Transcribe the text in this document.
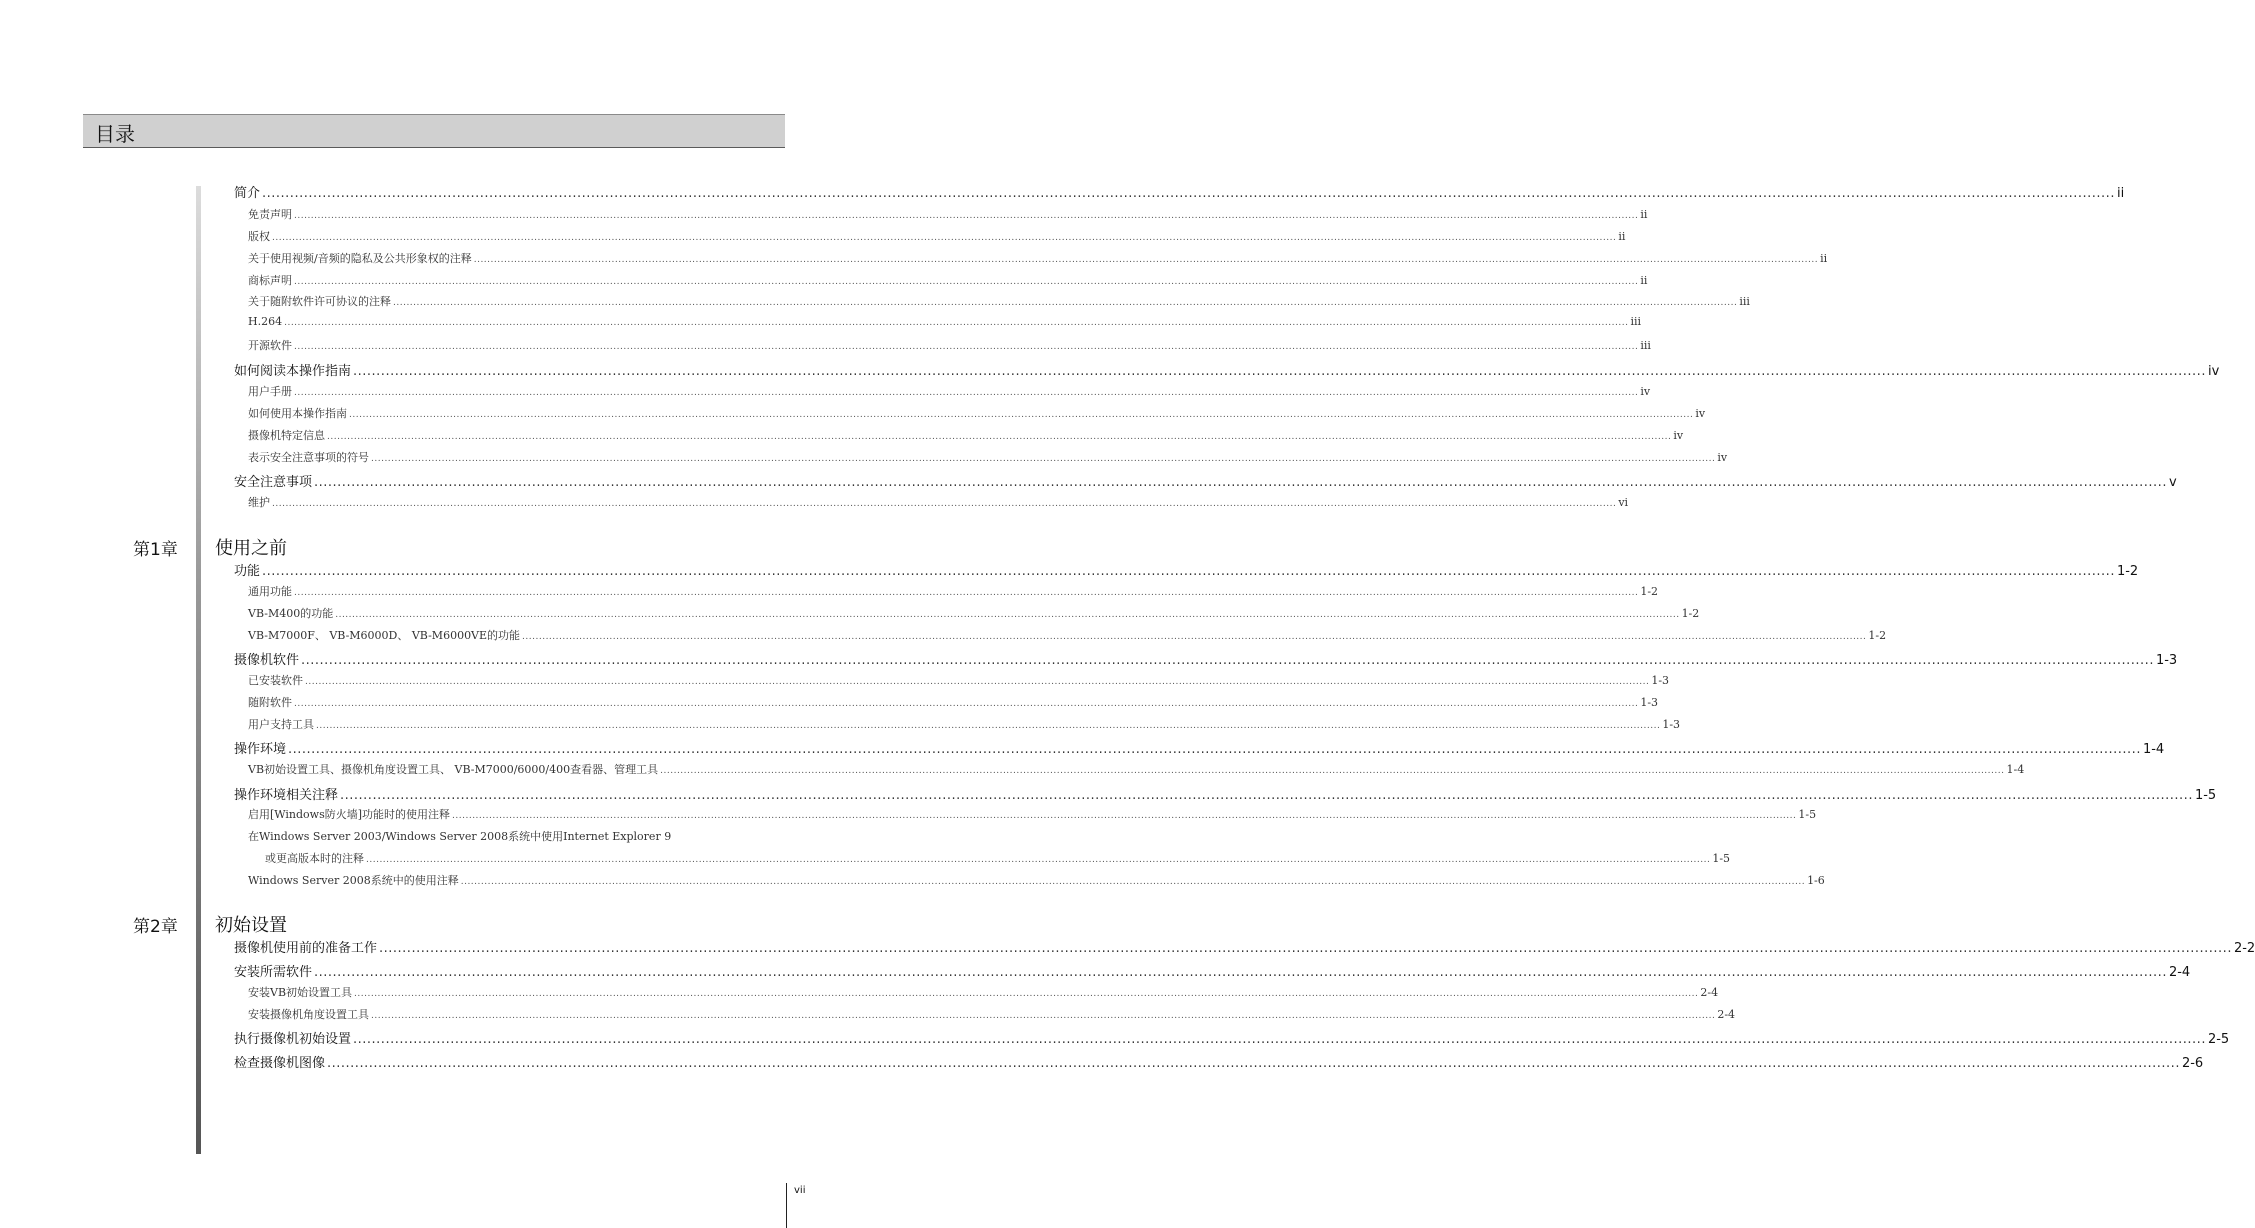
目录
简介 ................................................................................................................................................................................................................................................................................................................................................................................................................ ii
免责声明 ................................................................................................................................................................................................................................................................................................................................................................................................................ ii
版权 ................................................................................................................................................................................................................................................................................................................................................................................................................ ii
关于使用视频/音频的隐私及公共形象权的注释 ................................................................................................................................................................................................................................................................................................................................................................................................................ ii
商标声明 ................................................................................................................................................................................................................................................................................................................................................................................................................ ii
关于随附软件许可协议的注释 ................................................................................................................................................................................................................................................................................................................................................................................................................ iii
H.264 ................................................................................................................................................................................................................................................................................................................................................................................................................ iii
开源软件 ................................................................................................................................................................................................................................................................................................................................................................................................................ iii
如何阅读本操作指南 ................................................................................................................................................................................................................................................................................................................................................................................................................ iv
用户手册 ................................................................................................................................................................................................................................................................................................................................................................................................................ iv
如何使用本操作指南 ................................................................................................................................................................................................................................................................................................................................................................................................................ iv
摄像机特定信息 ................................................................................................................................................................................................................................................................................................................................................................................................................ iv
表示安全注意事项的符号 ................................................................................................................................................................................................................................................................................................................................................................................................................ iv
安全注意事项 ................................................................................................................................................................................................................................................................................................................................................................................................................ v
维护 ................................................................................................................................................................................................................................................................................................................................................................................................................ vi
第1章 使用之前
功能 ................................................................................................................................................................................................................................................................................................................................................................................................................ 1-2
通用功能 ................................................................................................................................................................................................................................................................................................................................................................................................................ 1-2
VB-M400的功能 ................................................................................................................................................................................................................................................................................................................................................................................................................ 1-2
VB-M7000F、 VB-M6000D、 VB-M6000VE的功能 ................................................................................................................................................................................................................................................................................................................................................................................................................ 1-2
摄像机软件 ................................................................................................................................................................................................................................................................................................................................................................................................................ 1-3
已安装软件 ................................................................................................................................................................................................................................................................................................................................................................................................................ 1-3
随附软件 ................................................................................................................................................................................................................................................................................................................................................................................................................ 1-3
用户支持工具 ................................................................................................................................................................................................................................................................................................................................................................................................................ 1-3
操作环境 ................................................................................................................................................................................................................................................................................................................................................................................................................ 1-4
VB初始设置工具、摄像机角度设置工具、 VB-M7000/6000/400查看器、管理工具 ................................................................................................................................................................................................................................................................................................................................................................................................................ 1-4
操作环境相关注释 ................................................................................................................................................................................................................................................................................................................................................................................................................ 1-5
启用[Windows防火墙]功能时的使用注释 ................................................................................................................................................................................................................................................................................................................................................................................................................ 1-5
在Windows Server 2003/Windows Server 2008系统中使用Internet Explorer 9
或更高版本时的注释 ................................................................................................................................................................................................................................................................................................................................................................................................................ 1-5
Windows Server 2008系统中的使用注释 ................................................................................................................................................................................................................................................................................................................................................................................................................ 1-6
第2章 初始设置
摄像机使用前的准备工作 ................................................................................................................................................................................................................................................................................................................................................................................................................ 2-2
安装所需软件 ................................................................................................................................................................................................................................................................................................................................................................................................................ 2-4
安装VB初始设置工具 ................................................................................................................................................................................................................................................................................................................................................................................................................ 2-4
安装摄像机角度设置工具 ................................................................................................................................................................................................................................................................................................................................................................................................................ 2-4
执行摄像机初始设置 ................................................................................................................................................................................................................................................................................................................................................................................................................ 2-5
检查摄像机图像 ................................................................................................................................................................................................................................................................................................................................................................................................................ 2-6
vii
